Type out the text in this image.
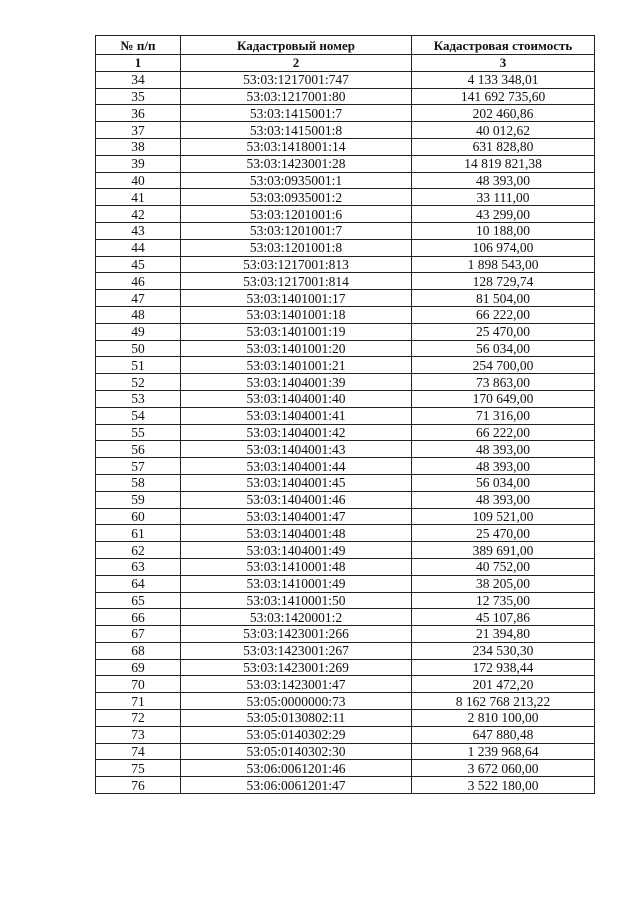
№ п/п	Кадастровый номер	Кадастровая стоимость
1	2	3
34	53:03:1217001:747	4 133 348,01
35	53:03:1217001:80	141 692 735,60
36	53:03:1415001:7	202 460,86
37	53:03:1415001:8	40 012,62
38	53:03:1418001:14	631 828,80
39	53:03:1423001:28	14 819 821,38
40	53:03:0935001:1	48 393,00
41	53:03:0935001:2	33 111,00
42	53:03:1201001:6	43 299,00
43	53:03:1201001:7	10 188,00
44	53:03:1201001:8	106 974,00
45	53:03:1217001:813	1 898 543,00
46	53:03:1217001:814	128 729,74
47	53:03:1401001:17	81 504,00
48	53:03:1401001:18	66 222,00
49	53:03:1401001:19	25 470,00
50	53:03:1401001:20	56 034,00
51	53:03:1401001:21	254 700,00
52	53:03:1404001:39	73 863,00
53	53:03:1404001:40	170 649,00
54	53:03:1404001:41	71 316,00
55	53:03:1404001:42	66 222,00
56	53:03:1404001:43	48 393,00
57	53:03:1404001:44	48 393,00
58	53:03:1404001:45	56 034,00
59	53:03:1404001:46	48 393,00
60	53:03:1404001:47	109 521,00
61	53:03:1404001:48	25 470,00
62	53:03:1404001:49	389 691,00
63	53:03:1410001:48	40 752,00
64	53:03:1410001:49	38 205,00
65	53:03:1410001:50	12 735,00
66	53:03:1420001:2	45 107,86
67	53:03:1423001:266	21 394,80
68	53:03:1423001:267	234 530,30
69	53:03:1423001:269	172 938,44
70	53:03:1423001:47	201 472,20
71	53:05:0000000:73	8 162 768 213,22
72	53:05:0130802:11	2 810 100,00
73	53:05:0140302:29	647 880,48
74	53:05:0140302:30	1 239 968,64
75	53:06:0061201:46	3 672 060,00
76	53:06:0061201:47	3 522 180,00
